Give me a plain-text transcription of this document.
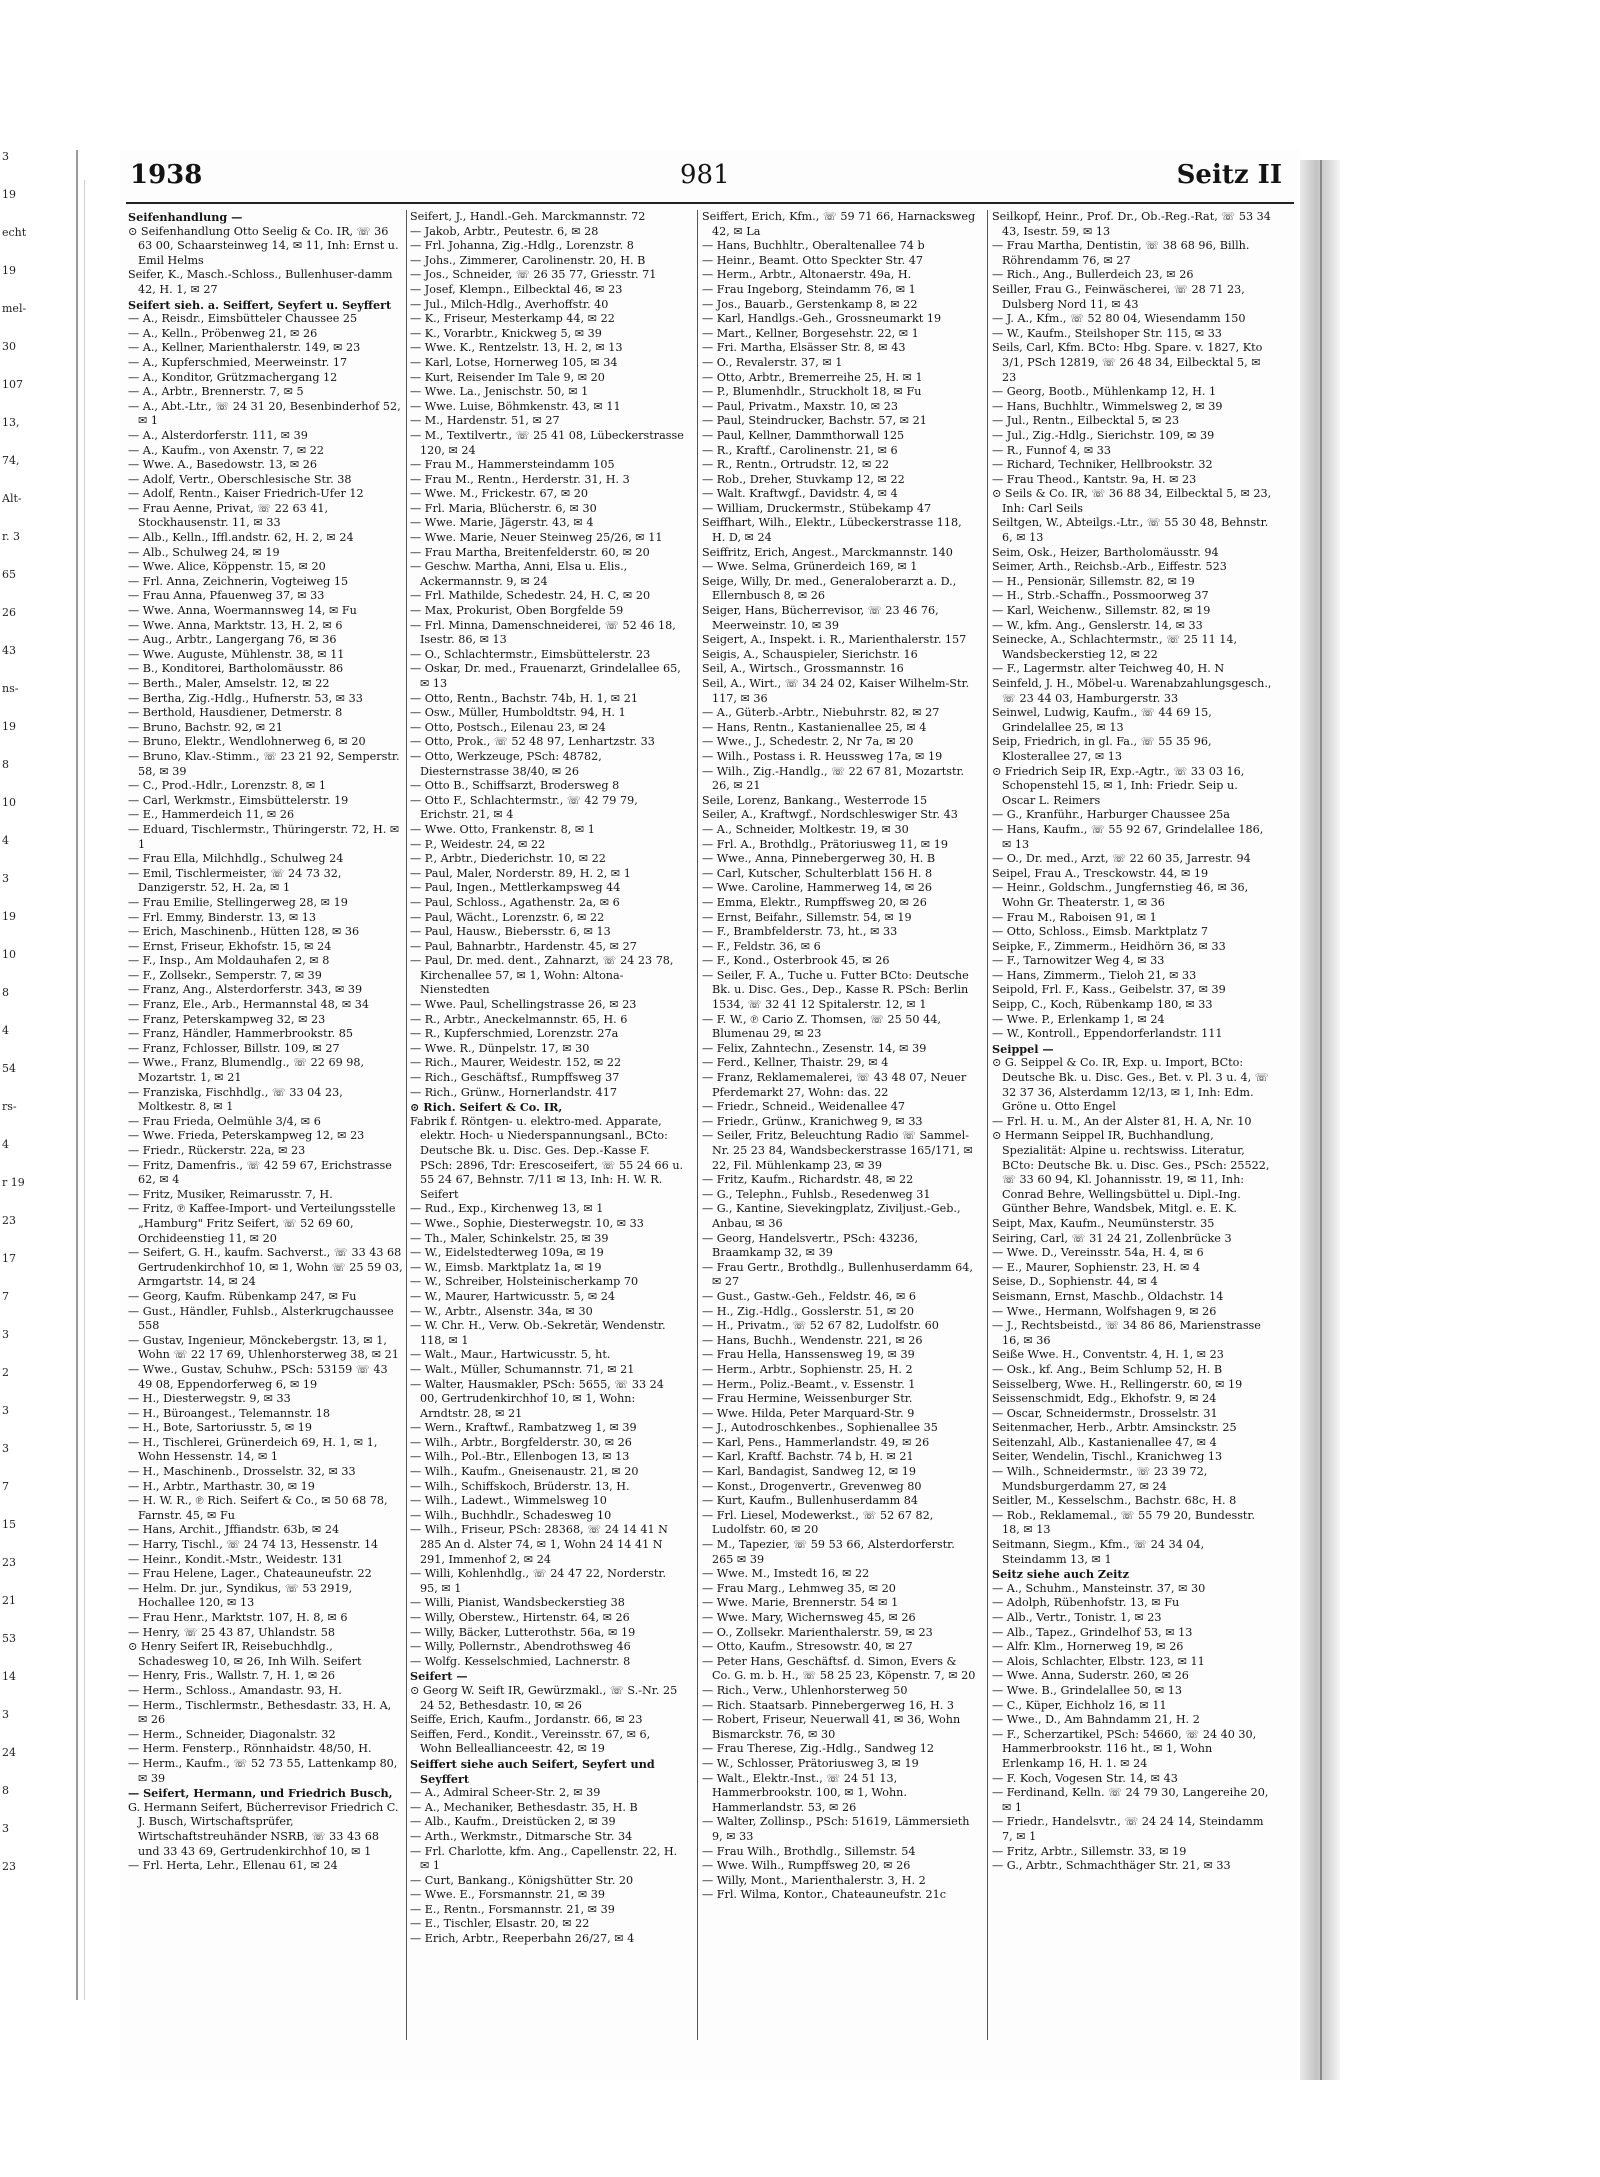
3
19
echt
19
mel-
30
107
13,
74,
Alt-
r. 3
65
26
43
ns-
19
8
10
4
3
19
10
8
4
54
rs-
4
r 19
23
17
7
3
2
3
3
7
15
23
21
53
14
3
24
8
3
23
1938	981	Seitz II

Seifenhandlung —

⊙ Seifenhandlung Otto Seelig & Co. IR, ☏ 36 63 00, Schaarsteinweg 14, ✉ 11, Inh: Ernst u. Emil Helms

Seifer, K., Masch.-Schloss., Bullenhuser-damm 42, H. 1, ✉ 27

Seifert sieh. a. Seiffert, Seyfert u. Seyffert

— A., Reisdr., Eimsbütteler Chaussee 25

— A., Kelln., Pröbenweg 21, ✉ 26

— A., Kellner, Marienthalerstr. 149, ✉ 23

— A., Kupferschmied, Meerweinstr. 17

— A., Konditor, Grützmachergang 12

— A., Arbtr., Brennerstr. 7, ✉ 5

— A., Abt.-Ltr., ☏ 24 31 20, Besenbinderhof 52, ✉ 1

— A., Alsterdorferstr. 111, ✉ 39

— A., Kaufm., von Axenstr. 7, ✉ 22

— Wwe. A., Basedowstr. 13, ✉ 26

— Adolf, Vertr., Oberschlesische Str. 38

— Adolf, Rentn., Kaiser Friedrich-Ufer 12

— Frau Aenne, Privat, ☏ 22 63 41, Stockhausenstr. 11, ✉ 33

— Alb., Kelln., Iffl.andstr. 62, H. 2, ✉ 24

— Alb., Schulweg 24, ✉ 19

— Wwe. Alice, Köppenstr. 15, ✉ 20

— Frl. Anna, Zeichnerin, Vogteiweg 15

— Frau Anna, Pfauenweg 37, ✉ 33

— Wwe. Anna, Woermannsweg 14, ✉ Fu

— Wwe. Anna, Marktstr. 13, H. 2, ✉ 6

— Aug., Arbtr., Langergang 76, ✉ 36

— Wwe. Auguste, Mühlenstr. 38, ✉ 11

— B., Konditorei, Bartholomäusstr. 86

— Berth., Maler, Amselstr. 12, ✉ 22

— Bertha, Zig.-Hdlg., Hufnerstr. 53, ✉ 33

— Berthold, Hausdiener, Detmerstr. 8

— Bruno, Bachstr. 92, ✉ 21

— Bruno, Elektr., Wendlohnerweg 6, ✉ 20

— Bruno, Klav.-Stimm., ☏ 23 21 92, Semperstr. 58, ✉ 39

— C., Prod.-Hdlr., Lorenzstr. 8, ✉ 1

— Carl, Werkmstr., Eimsbüttelerstr. 19

— E., Hammerdeich 11, ✉ 26

— Eduard, Tischlermstr., Thüringerstr. 72, H. ✉ 1

— Frau Ella, Milchhdlg., Schulweg 24

— Emil, Tischlermeister, ☏ 24 73 32, Danzigerstr. 52, H. 2a, ✉ 1

— Frau Emilie, Stellingerweg 28, ✉ 19

— Frl. Emmy, Binderstr. 13, ✉ 13

— Erich, Maschinenb., Hütten 128, ✉ 36

— Ernst, Friseur, Ekhofstr. 15, ✉ 24

— F., Insp., Am Moldauhafen 2, ✉ 8

— F., Zollsekr., Semperstr. 7, ✉ 39

— Franz, Ang., Alsterdorferstr. 343, ✉ 39

— Franz, Ele., Arb., Hermannstal 48, ✉ 34

— Franz, Peterskampweg 32, ✉ 23

— Franz, Händler, Hammerbrookstr. 85

— Franz, Fchlosser, Billstr. 109, ✉ 27

— Wwe., Franz, Blumendlg., ☏ 22 69 98, Mozartstr. 1, ✉ 21

— Franziska, Fischhdlg., ☏ 33 04 23, Moltkestr. 8, ✉ 1

— Frau Frieda, Oelmühle 3/4, ✉ 6

— Wwe. Frieda, Peterskampweg 12, ✉ 23

— Friedr., Rückerstr. 22a, ✉ 23

— Fritz, Damenfris., ☏ 42 59 67, Erichstrasse 62, ✉ 4

— Fritz, Musiker, Reimarusstr. 7, H.

— Fritz, ℗ Kaffee-Import- und Verteilungsstelle „Hamburg" Fritz Seifert, ☏ 52 69 60, Orchideenstieg 11, ✉ 20

— Seifert, G. H., kaufm. Sachverst., ☏ 33 43 68 Gertrudenkirchhof 10, ✉ 1, Wohn ☏ 25 59 03, Armgartstr. 14, ✉ 24

— Georg, Kaufm. Rübenkamp 247, ✉ Fu

— Gust., Händler, Fuhlsb., Alsterkrugchaussee 558

— Gustav, Ingenieur, Mönckebergstr. 13, ✉ 1, Wohn ☏ 22 17 69, Uhlenhorsterweg 38, ✉ 21

— Wwe., Gustav, Schuhw., PSch: 53159 ☏ 43 49 08, Eppendorferweg 6, ✉ 19

— H., Diesterwegstr. 9, ✉ 33

— H., Büroangest., Telemannstr. 18

— H., Bote, Sartoriusstr. 5, ✉ 19

— H., Tischlerei, Grünerdeich 69, H. 1, ✉ 1, Wohn Hessenstr. 14, ✉ 1

— H., Maschinenb., Drosselstr. 32, ✉ 33

— H., Arbtr., Marthastr. 30, ✉ 19

— H. W. R., ℗ Rich. Seifert & Co., ✉ 50 68 78, Farnstr. 45, ✉ Fu

— Hans, Archit., Jffiandstr. 63b, ✉ 24

— Harry, Tischl., ☏ 24 74 13, Hessenstr. 14

— Heinr., Kondit.-Mstr., Weidestr. 131

— Frau Helene, Lager., Chateauneufstr. 22

— Helm. Dr. jur., Syndikus, ☏ 53 2919, Hochallee 120, ✉ 13

— Frau Henr., Marktstr. 107, H. 8, ✉ 6

— Henry, ☏ 25 43 87, Uhlandstr. 58

⊙ Henry Seifert IR, Reisebuchhdlg., Schadesweg 10, ✉ 26, Inh Wilh. Seifert

— Henry, Fris., Wallstr. 7, H. 1, ✉ 26

— Herm., Schloss., Amandastr. 93, H.

— Herm., Tischlermstr., Bethesdastr. 33, H. A, ✉ 26

— Herm., Schneider, Diagonalstr. 32

— Herm. Fensterp., Rönnhaidstr. 48/50, H.

— Herm., Kaufm., ☏ 52 73 55, Lattenkamp 80, ✉ 39

— Seifert, Hermann, und Friedrich Busch,

G. Hermann Seifert, Bücherrevisor Friedrich C. J. Busch, Wirtschaftsprüfer, Wirtschaftstreuhänder NSRB, ☏ 33 43 68 und 33 43 69, Gertrudenkirchhof 10, ✉ 1

— Frl. Herta, Lehr., Ellenau 61, ✉ 24

Seifert, J., Handl.-Geh. Marckmannstr. 72

— Jakob, Arbtr., Peutestr. 6, ✉ 28

— Frl. Johanna, Zig.-Hdlg., Lorenzstr. 8

— Johs., Zimmerer, Carolinenstr. 20, H. B

— Jos., Schneider, ☏ 26 35 77, Griesstr. 71

— Josef, Klempn., Eilbecktal 46, ✉ 23

— Jul., Milch-Hdlg., Averhoffstr. 40

— K., Friseur, Mesterkamp 44, ✉ 22

— K., Vorarbtr., Knickweg 5, ✉ 39

— Wwe. K., Rentzelstr. 13, H. 2, ✉ 13

— Karl, Lotse, Hornerweg 105, ✉ 34

— Kurt, Reisender Im Tale 9, ✉ 20

— Wwe. La., Jenischstr. 50, ✉ 1

— Wwe. Luise, Böhmkenstr. 43, ✉ 11

— M., Hardenstr. 51, ✉ 27

— M., Textilvertr., ☏ 25 41 08, Lübeckerstrasse 120, ✉ 24

— Frau M., Hammersteindamm 105

— Frau M., Rentn., Herderstr. 31, H. 3

— Wwe. M., Frickestr. 67, ✉ 20

— Frl. Maria, Blücherstr. 6, ✉ 30

— Wwe. Marie, Jägerstr. 43, ✉ 4

— Wwe. Marie, Neuer Steinweg 25/26, ✉ 11

— Frau Martha, Breitenfelderstr. 60, ✉ 20

— Geschw. Martha, Anni, Elsa u. Elis., Ackermannstr. 9, ✉ 24

— Frl. Mathilde, Schedestr. 24, H. C, ✉ 20

— Max, Prokurist, Oben Borgfelde 59

— Frl. Minna, Damenschneiderei, ☏ 52 46 18, Isestr. 86, ✉ 13

— O., Schlachtermstr., Eimsbüttelerstr. 23

— Oskar, Dr. med., Frauenarzt, Grindelallee 65, ✉ 13

— Otto, Rentn., Bachstr. 74b, H. 1, ✉ 21

— Osw., Müller, Humboldtstr. 94, H. 1

— Otto, Postsch., Eilenau 23, ✉ 24

— Otto, Prok., ☏ 52 48 97, Lenhartzstr. 33

— Otto, Werkzeuge, PSch: 48782, Diesternstrasse 38/40, ✉ 26

— Otto B., Schiffsarzt, Brodersweg 8

— Otto F., Schlachtermstr., ☏ 42 79 79, Erichstr. 21, ✉ 4

— Wwe. Otto, Frankenstr. 8, ✉ 1

— P., Weidestr. 24, ✉ 22

— P., Arbtr., Diederichstr. 10, ✉ 22

— Paul, Maler, Norderstr. 89, H. 2, ✉ 1

— Paul, Ingen., Mettlerkampsweg 44

— Paul, Schloss., Agathenstr. 2a, ✉ 6

— Paul, Wächt., Lorenzstr. 6, ✉ 22

— Paul, Hausw., Biebersstr. 6, ✉ 13

— Paul, Bahnarbtr., Hardenstr. 45, ✉ 27

— Paul, Dr. med. dent., Zahnarzt, ☏ 24 23 78, Kirchenallee 57, ✉ 1, Wohn: Altona-Nienstedten

— Wwe. Paul, Schellingstrasse 26, ✉ 23

— R., Arbtr., Aneckelmannstr. 65, H. 6

— R., Kupferschmied, Lorenzstr. 27a

— Wwe. R., Dünpelstr. 17, ✉ 30

— Rich., Maurer, Weidestr. 152, ✉ 22

— Rich., Geschäftsf., Rumpffsweg 37

— Rich., Grünw., Hornerlandstr. 417

⊙ Rich. Seifert & Co. IR,

Fabrik f. Röntgen- u. elektro-med. Apparate, elektr. Hoch- u Niederspannungsanl., BCto: Deutsche Bk. u. Disc. Ges. Dep.-Kasse F. PSch: 2896, Tdr: Erescoseifert, ☏ 55 24 66 u. 55 24 67, Behnstr. 7/11 ✉ 13, Inh: H. W. R. Seifert

— Rud., Exp., Kirchenweg 13, ✉ 1

— Wwe., Sophie, Diesterwegstr. 10, ✉ 33

— Th., Maler, Schinkelstr. 25, ✉ 39

— W., Eidelstedterweg 109a, ✉ 19

— W., Eimsb. Marktplatz 1a, ✉ 19

— W., Schreiber, Holsteinischerkamp 70

— W., Maurer, Hartwicusstr. 5, ✉ 24

— W., Arbtr., Alsenstr. 34a, ✉ 30

— W. Chr. H., Verw. Ob.-Sekretär, Wendenstr. 118, ✉ 1

— Walt., Maur., Hartwicusstr. 5, ht.

— Walt., Müller, Schumannstr. 71, ✉ 21

— Walter, Hausmakler, PSch: 5655, ☏ 33 24 00, Gertrudenkirchhof 10, ✉ 1, Wohn: Arndtstr. 28, ✉ 21

— Wern., Kraftwf., Rambatzweg 1, ✉ 39

— Wilh., Arbtr., Borgfelderstr. 30, ✉ 26

— Wilh., Pol.-Btr., Ellenbogen 13, ✉ 13

— Wilh., Kaufm., Gneisenaustr. 21, ✉ 20

— Wilh., Schiffskoch, Brüderstr. 13, H.

— Wilh., Ladewt., Wimmelsweg 10

— Wilh., Buchhdlr., Schadesweg 10

— Wilh., Friseur, PSch: 28368, ☏ 24 14 41 N 285 An d. Alster 74, ✉ 1, Wohn 24 14 41 N 291, Immenhof 2, ✉ 24

— Willi, Kohlenhdlg., ☏ 24 47 22, Norderstr. 95, ✉ 1

— Willi, Pianist, Wandsbeckerstieg 38

— Willy, Oberstew., Hirtenstr. 64, ✉ 26

— Willy, Bäcker, Lutterothstr. 56a, ✉ 19

— Willy, Pollernstr., Abendrothsweg 46

— Wolfg. Kesselschmied, Lachnerstr. 8

Seifert —

⊙ Georg W. Seift IR, Gewürzmakl., ☏ S.-Nr. 25 24 52, Bethesdastr. 10, ✉ 26

Seiffe, Erich, Kaufm., Jordanstr. 66, ✉ 23

Seiffen, Ferd., Kondit., Vereinsstr. 67, ✉ 6, Wohn Belleallianceestr. 42, ✉ 19

Seiffert siehe auch Seifert, Seyfert und Seyffert

— A., Admiral Scheer-Str. 2, ✉ 39

— A., Mechaniker, Bethesdastr. 35, H. B

— Alb., Kaufm., Dreistücken 2, ✉ 39

— Arth., Werkmstr., Ditmarsche Str. 34

— Frl. Charlotte, kfm. Ang., Capellenstr. 22, H. ✉ 1

— Curt, Bankang., Königshütter Str. 20

— Wwe. E., Forsmannstr. 21, ✉ 39

— E., Rentn., Forsmannstr. 21, ✉ 39

— E., Tischler, Elsastr. 20, ✉ 22

— Erich, Arbtr., Reeperbahn 26/27, ✉ 4

Seiffert, Erich, Kfm., ☏ 59 71 66, Harnacksweg 42, ✉ La

— Hans, Buchhltr., Oberaltenallee 74 b

— Heinr., Beamt. Otto Speckter Str. 47

— Herm., Arbtr., Altonaerstr. 49a, H.

— Frau Ingeborg, Steindamm 76, ✉ 1

— Jos., Bauarb., Gerstenkamp 8, ✉ 22

— Karl, Handlgs.-Geh., Grossneumarkt 19

— Mart., Kellner, Borgesehstr. 22, ✉ 1

— Fri. Martha, Elsässer Str. 8, ✉ 43

— O., Revalerstr. 37, ✉ 1

— Otto, Arbtr., Bremerreihe 25, H. ✉ 1

— P., Blumenhdlr., Struckholt 18, ✉ Fu

— Paul, Privatm., Maxstr. 10, ✉ 23

— Paul, Steindrucker, Bachstr. 57, ✉ 21

— Paul, Kellner, Dammthorwall 125

— R., Kraftf., Carolinenstr. 21, ✉ 6

— R., Rentn., Ortrudstr. 12, ✉ 22

— Rob., Dreher, Stuvkamp 12, ✉ 22

— Walt. Kraftwgf., Davidstr. 4, ✉ 4

— William, Druckermstr., Stübekamp 47

Seiffhart, Wilh., Elektr., Lübeckerstrasse 118, H. D, ✉ 24

Seiffritz, Erich, Angest., Marckmannstr. 140

— Wwe. Selma, Grünerdeich 169, ✉ 1

Seige, Willy, Dr. med., Generaloberarzt a. D., Ellernbusch 8, ✉ 26

Seiger, Hans, Bücherrevisor, ☏ 23 46 76, Meerweinstr. 10, ✉ 39

Seigert, A., Inspekt. i. R., Marienthalerstr. 157

Seigis, A., Schauspieler, Sierichstr. 16

Seil, A., Wirtsch., Grossmannstr. 16

Seil, A., Wirt., ☏ 34 24 02, Kaiser Wilhelm-Str. 117, ✉ 36

— A., Güterb.-Arbtr., Niebuhrstr. 82, ✉ 27

— Hans, Rentn., Kastanienallee 25, ✉ 4

— Wwe., J., Schedestr. 2, Nr 7a, ✉ 20

— Wilh., Postass i. R. Heussweg 17a, ✉ 19

— Wilh., Zig.-Handlg., ☏ 22 67 81, Mozartstr. 26, ✉ 21

Seile, Lorenz, Bankang., Westerrode 15

Seiler, A., Kraftwgf., Nordschleswiger Str. 43

— A., Schneider, Moltkestr. 19, ✉ 30

— Frl. A., Brothdlg., Prätoriusweg 11, ✉ 19

— Wwe., Anna, Pinnebergerweg 30, H. B

— Carl, Kutscher, Schulterblatt 156 H. 8

— Wwe. Caroline, Hammerweg 14, ✉ 26

— Emma, Elektr., Rumpffsweg 20, ✉ 26

— Ernst, Beifahr., Sillemstr. 54, ✉ 19

— F., Brambfelderstr. 73, ht., ✉ 33

— F., Feldstr. 36, ✉ 6

— F., Kond., Osterbrook 45, ✉ 26

— Seiler, F. A., Tuche u. Futter BCto: Deutsche Bk. u. Disc. Ges., Dep., Kasse R. PSch: Berlin 1534, ☏ 32 41 12 Spitalerstr. 12, ✉ 1

— F. W., ℗ Cario Z. Thomsen, ☏ 25 50 44, Blumenau 29, ✉ 23

— Felix, Zahntechn., Zesenstr. 14, ✉ 39

— Ferd., Kellner, Thaistr. 29, ✉ 4

— Franz, Reklamemalerei, ☏ 43 48 07, Neuer Pferdemarkt 27, Wohn: das. 22

— Friedr., Schneid., Weidenallee 47

— Friedr., Grünw., Kranichweg 9, ✉ 33

— Seiler, Fritz, Beleuchtung Radio ☏ Sammel-Nr. 25 23 84, Wandsbeckerstrasse 165/171, ✉ 22, Fil. Mühlenkamp 23, ✉ 39

— Fritz, Kaufm., Richardstr. 48, ✉ 22

— G., Telephn., Fuhlsb., Resedenweg 31

— G., Kantine, Sievekingplatz, Ziviljust.-Geb., Anbau, ✉ 36

— Georg, Handelsvertr., PSch: 43236, Braamkamp 32, ✉ 39

— Frau Gertr., Brothdlg., Bullenhuserdamm 64, ✉ 27

— Gust., Gastw.-Geh., Feldstr. 46, ✉ 6

— H., Zig.-Hdlg., Gosslerstr. 51, ✉ 20

— H., Privatm., ☏ 52 67 82, Ludolfstr. 60

— Hans, Buchh., Wendenstr. 221, ✉ 26

— Frau Hella, Hanssensweg 19, ✉ 39

— Herm., Arbtr., Sophienstr. 25, H. 2

— Herm., Poliz.-Beamt., v. Essenstr. 1

— Frau Hermine, Weissenburger Str.

— Wwe. Hilda, Peter Marquard-Str. 9

— J., Autodroschkenbes., Sophienallee 35

— Karl, Pens., Hammerlandstr. 49, ✉ 26

— Karl, Kraftf. Bachstr. 74 b, H. ✉ 21

— Karl, Bandagist, Sandweg 12, ✉ 19

— Konst., Drogenvertr., Grevenweg 80

— Kurt, Kaufm., Bullenhuserdamm 84

— Frl. Liesel, Modewerkst., ☏ 52 67 82, Ludolfstr. 60, ✉ 20

— M., Tapezier, ☏ 59 53 66, Alsterdorferstr. 265 ✉ 39

— Wwe. M., Imstedt 16, ✉ 22

— Frau Marg., Lehmweg 35, ✉ 20

— Wwe. Marie, Brennerstr. 54 ✉ 1

— Wwe. Mary, Wichernsweg 45, ✉ 26

— O., Zollsekr. Marienthalerstr. 59, ✉ 23

— Otto, Kaufm., Stresowstr. 40, ✉ 27

— Peter Hans, Geschäftsf. d. Simon, Evers & Co. G. m. b. H., ☏ 58 25 23, Köpenstr. 7, ✉ 20

— Rich., Verw., Uhlenhorsterweg 50

— Rich. Staatsarb. Pinnebergerweg 16, H. 3

— Robert, Friseur, Neuerwall 41, ✉ 36, Wohn Bismarckstr. 76, ✉ 30

— Frau Therese, Zig.-Hdlg., Sandweg 12

— W., Schlosser, Prätoriusweg 3, ✉ 19

— Walt., Elektr.-Inst., ☏ 24 51 13, Hammerbrookstr. 100, ✉ 1, Wohn. Hammerlandstr. 53, ✉ 26

— Walter, Zollinsp., PSch: 51619, Lämmersieth 9, ✉ 33

— Frau Wilh., Brothdlg., Sillemstr. 54

— Wwe. Wilh., Rumpffsweg 20, ✉ 26

— Willy, Mont., Marienthalerstr. 3, H. 2

— Frl. Wilma, Kontor., Chateauneufstr. 21c

Seilkopf, Heinr., Prof. Dr., Ob.-Reg.-Rat, ☏ 53 34 43, Isestr. 59, ✉ 13

— Frau Martha, Dentistin, ☏ 38 68 96, Billh. Röhrendamm 76, ✉ 27

— Rich., Ang., Bullerdeich 23, ✉ 26

Seiller, Frau G., Feinwäscherei, ☏ 28 71 23, Dulsberg Nord 11, ✉ 43

— J. A., Kfm., ☏ 52 80 04, Wiesendamm 150

— W., Kaufm., Steilshoper Str. 115, ✉ 33

Seils, Carl, Kfm. BCto: Hbg. Spare. v. 1827, Kto 3/1, PSch 12819, ☏ 26 48 34, Eilbecktal 5, ✉ 23

— Georg, Bootb., Mühlenkamp 12, H. 1

— Hans, Buchhltr., Wimmelsweg 2, ✉ 39

— Jul., Rentn., Eilbecktal 5, ✉ 23

— Jul., Zig.-Hdlg., Sierichstr. 109, ✉ 39

— R., Funnof 4, ✉ 33

— Richard, Techniker, Hellbrookstr. 32

— Frau Theod., Kantstr. 9a, H. ✉ 23

⊙ Seils & Co. IR, ☏ 36 88 34, Eilbecktal 5, ✉ 23, Inh: Carl Seils

Seiltgen, W., Abteilgs.-Ltr., ☏ 55 30 48, Behnstr. 6, ✉ 13

Seim, Osk., Heizer, Bartholomäusstr. 94

Seimer, Arth., Reichsb.-Arb., Eiffestr. 523

— H., Pensionär, Sillemstr. 82, ✉ 19

— H., Strb.-Schaffn., Possmoorweg 37

— Karl, Weichenw., Sillemstr. 82, ✉ 19

— W., kfm. Ang., Genslerstr. 14, ✉ 33

Seinecke, A., Schlachtermstr., ☏ 25 11 14, Wandsbeckerstieg 12, ✉ 22

— F., Lagermstr. alter Teichweg 40, H. N

Seinfeld, J. H., Möbel-u. Warenabzahlungsgesch., ☏ 23 44 03, Hamburgerstr. 33

Seinwel, Ludwig, Kaufm., ☏ 44 69 15, Grindelallee 25, ✉ 13

Seip, Friedrich, in gl. Fa., ☏ 55 35 96, Klosterallee 27, ✉ 13

⊙ Friedrich Seip IR, Exp.-Agtr., ☏ 33 03 16, Schopenstehl 15, ✉ 1, Inh: Friedr. Seip u. Oscar L. Reimers

— G., Kranführ., Harburger Chaussee 25a

— Hans, Kaufm., ☏ 55 92 67, Grindelallee 186, ✉ 13

— O., Dr. med., Arzt, ☏ 22 60 35, Jarrestr. 94

Seipel, Frau A., Tresckowstr. 44, ✉ 19

— Heinr., Goldschm., Jungfernstieg 46, ✉ 36, Wohn Gr. Theaterstr. 1, ✉ 36

— Frau M., Raboisen 91, ✉ 1

— Otto, Schloss., Eimsb. Marktplatz 7

Seipke, F., Zimmerm., Heidhörn 36, ✉ 33

— F., Tarnowitzer Weg 4, ✉ 33

— Hans, Zimmerm., Tieloh 21, ✉ 33

Seipold, Frl. F., Kass., Geibelstr. 37, ✉ 39

Seipp, C., Koch, Rübenkamp 180, ✉ 33

— Wwe. P., Erlenkamp 1, ✉ 24

— W., Kontroll., Eppendorferlandstr. 111

Seippel —

⊙ G. Seippel & Co. IR, Exp. u. Import, BCto: Deutsche Bk. u. Disc. Ges., Bet. v. Pl. 3 u. 4, ☏ 32 37 36, Alsterdamm 12/13, ✉ 1, Inh: Edm. Gröne u. Otto Engel

— Frl. H. u. M., An der Alster 81, H. A, Nr. 10

⊙ Hermann Seippel IR, Buchhandlung, Spezialität: Alpine u. rechtswiss. Literatur, BCto: Deutsche Bk. u. Disc. Ges., PSch: 25522, ☏ 33 60 94, Kl. Johannisstr. 19, ✉ 11, Inh: Conrad Behre, Wellingsbüttel u. Dipl.-Ing. Günther Behre, Wandsbek, Mitgl. e. E. K.

Seipt, Max, Kaufm., Neumünsterstr. 35

Seiring, Carl, ☏ 31 24 21, Zollenbrücke 3

— Wwe. D., Vereinsstr. 54a, H. 4, ✉ 6

— E., Maurer, Sophienstr. 23, H. ✉ 4

Seise, D., Sophienstr. 44, ✉ 4

Seismann, Ernst, Maschb., Oldachstr. 14

— Wwe., Hermann, Wolfshagen 9, ✉ 26

— J., Rechtsbeistd., ☏ 34 86 86, Marienstrasse 16, ✉ 36

Seiße Wwe. H., Conventstr. 4, H. 1, ✉ 23

— Osk., kf. Ang., Beim Schlump 52, H. B

Seisselberg, Wwe. H., Rellingerstr. 60, ✉ 19

Seissenschmidt, Edg., Ekhofstr. 9, ✉ 24

— Oscar, Schneidermstr., Drosselstr. 31

Seitenmacher, Herb., Arbtr. Amsinckstr. 25

Seitenzahl, Alb., Kastanienallee 47, ✉ 4

Seiter, Wendelin, Tischl., Kranichweg 13

— Wilh., Schneidermstr., ☏ 23 39 72, Mundsburgerdamm 27, ✉ 24

Seitler, M., Kesselschm., Bachstr. 68c, H. 8

— Rob., Reklamemal., ☏ 55 79 20, Bundesstr. 18, ✉ 13

Seitmann, Siegm., Kfm., ☏ 24 34 04, Steindamm 13, ✉ 1

Seitz siehe auch Zeitz

— A., Schuhm., Mansteinstr. 37, ✉ 30

— Adolph, Rübenhofstr. 13, ✉ Fu

— Alb., Vertr., Tonistr. 1, ✉ 23

— Alb., Tapez., Grindelhof 53, ✉ 13

— Alfr. Klm., Hornerweg 19, ✉ 26

— Alois, Schlachter, Elbstr. 123, ✉ 11

— Wwe. Anna, Suderstr. 260, ✉ 26

— Wwe. B., Grindelallee 50, ✉ 13

— C., Küper, Eichholz 16, ✉ 11

— Wwe., D., Am Bahndamm 21, H. 2

— F., Scherzartikel, PSch: 54660, ☏ 24 40 30, Hammerbrookstr. 116 ht., ✉ 1, Wohn Erlenkamp 16, H. 1. ✉ 24

— F. Koch, Vogesen Str. 14, ✉ 43

— Ferdinand, Kelln. ☏ 24 79 30, Langereihe 20, ✉ 1

— Friedr., Handelsvtr., ☏ 24 24 14, Steindamm 7, ✉ 1

— Fritz, Arbtr., Sillemstr. 33, ✉ 19

— G., Arbtr., Schmachthäger Str. 21, ✉ 33
